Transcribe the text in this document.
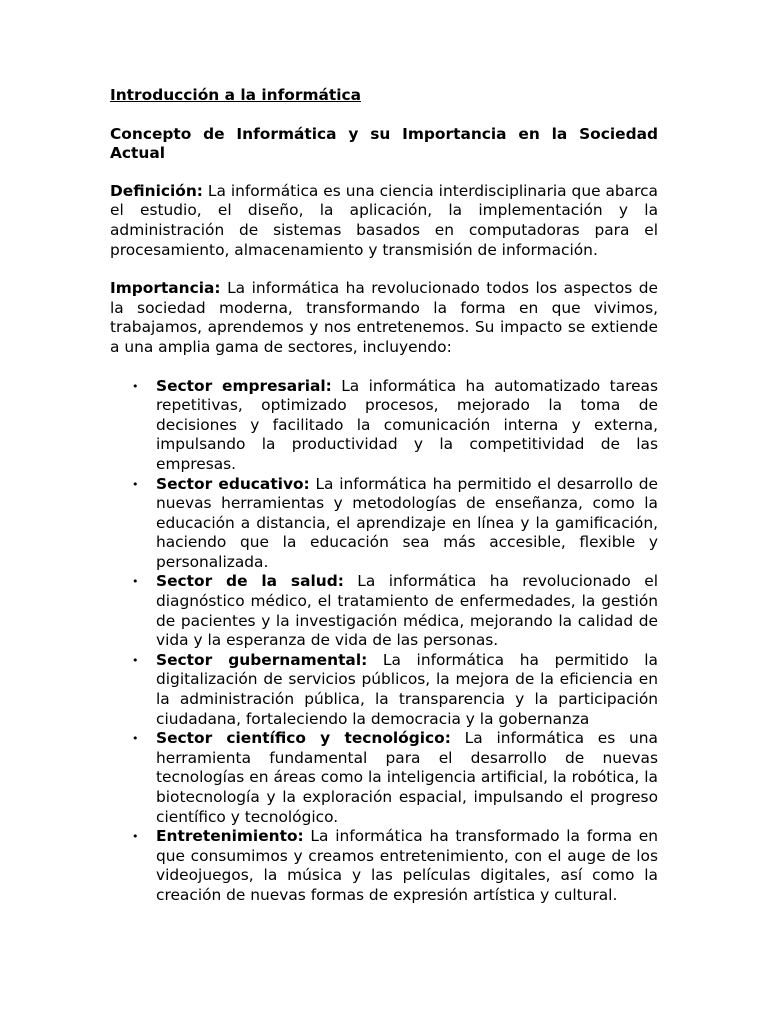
Introducción a la informática
Concepto de Informática y su Importancia en la Sociedad Actual

Definición: La informática es una ciencia interdisciplinaria que abarca el estudio, el diseño, la aplicación, la implementación y la administración de sistemas basados en computadoras para el procesamiento, almacenamiento y transmisión de información.

Importancia: La informática ha revolucionado todos los aspectos de la sociedad moderna, transformando la forma en que vivimos, trabajamos, aprendemos y nos entretenemos. Su impacto se extiende a una amplia gama de sectores, incluyendo:

• Sector empresarial: La informática ha automatizado tareas repetitivas, optimizado procesos, mejorado la toma de decisiones y facilitado la comunicación interna y externa, impulsando la productividad y la competitividad de las empresas.
• Sector educativo: La informática ha permitido el desarrollo de nuevas herramientas y metodologías de enseñanza, como la educación a distancia, el aprendizaje en línea y la gamificación, haciendo que la educación sea más accesible, flexible y personalizada.
• Sector de la salud: La informática ha revolucionado el diagnóstico médico, el tratamiento de enfermedades, la gestión de pacientes y la investigación médica, mejorando la calidad de vida y la esperanza de vida de las personas.
• Sector gubernamental: La informática ha permitido la digitalización de servicios públicos, la mejora de la eficiencia en la administración pública, la transparencia y la participación ciudadana, fortaleciendo la democracia y la gobernanza
• Sector científico y tecnológico: La informática es una herramienta fundamental para el desarrollo de nuevas tecnologías en áreas como la inteligencia artificial, la robótica, la biotecnología y la exploración espacial, impulsando el progreso científico y tecnológico.
• Entretenimiento: La informática ha transformado la forma en que consumimos y creamos entretenimiento, con el auge de los videojuegos, la música y las películas digitales, así como la creación de nuevas formas de expresión artística y cultural.
